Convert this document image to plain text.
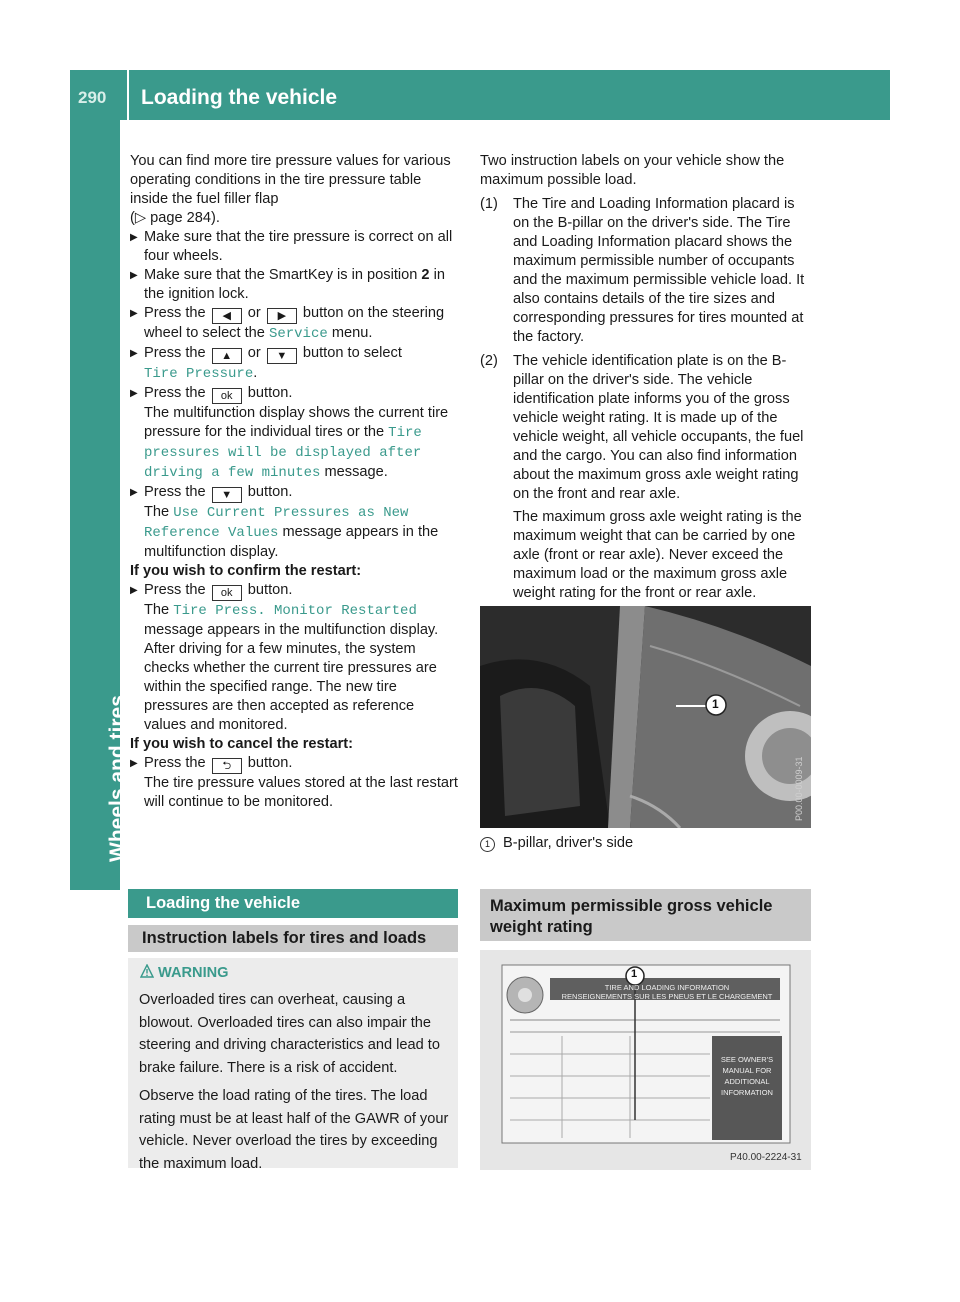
290 Loading the vehicle
Wheels and tires

You can find more tire pressure values for various operating conditions in the tire pressure table inside the fuel filler flap
(▷ page 284).

▶ Make sure that the tire pressure is correct on all four wheels.

▶ Make sure that the SmartKey is in position 2 in the ignition lock.

▶ Press the ◀ or ▶ button on the steering wheel to select the Service menu.

▶ Press the ▲ or ▼ button to select
Tire Pressure.

▶ Press the ok button.
The multifunction display shows the current tire pressure for the individual tires or the Tire pressures will be displayed after driving a few minutes message.

▶ Press the ▼ button.
The Use Current Pressures as New Reference Values message appears in the multifunction display.

If you wish to confirm the restart:

▶ Press the ok button.
The Tire Press. Monitor Restarted message appears in the multifunction display.

After driving for a few minutes, the system checks whether the current tire pressures are within the specified range. The new tire pressures are then accepted as reference values and monitored.

If you wish to cancel the restart:

▶ Press the ⮌ button.
The tire pressure values stored at the last restart will continue to be monitored.

Loading the vehicle
Instruction labels for tires and loads
WARNING

Overloaded tires can overheat, causing a blowout. Overloaded tires can also impair the steering and driving characteristics and lead to brake failure. There is a risk of accident.

Observe the load rating of the tires. The load rating must be at least half of the GAWR of your vehicle. Never overload the tires by exceeding the maximum load.

Two instruction labels on your vehicle show the maximum possible load.

(1) The Tire and Loading Information placard is on the B-pillar on the driver's side. The Tire and Loading Information placard shows the maximum permissible number of occupants and the maximum permissible vehicle load. It also contains details of the tire sizes and corresponding pressures for tires mounted at the factory.
(2) The vehicle identification plate is on the B-pillar on the driver's side. The vehicle identification plate informs you of the gross vehicle weight rating. It is made up of the vehicle weight, all vehicle occupants, the fuel and the cargo. You can also find information about the maximum gross axle weight rating on the front and rear axle.

The maximum gross axle weight rating is the maximum weight that can be carried by one axle (front or rear axle). Never exceed the maximum load or the maximum gross axle weight rating for the front or rear axle.

1
P00.00-0009-31
1 B-pillar, driver's side
Maximum permissible gross vehicle weight rating
TIRE AND LOADING INFORMATION
RENSEIGNEMENTS SUR LES PNEUS ET LE CHARGEMENT
SEE OWNER'S MANUAL FOR ADDITIONAL INFORMATION
1
P40.00-2224-31
